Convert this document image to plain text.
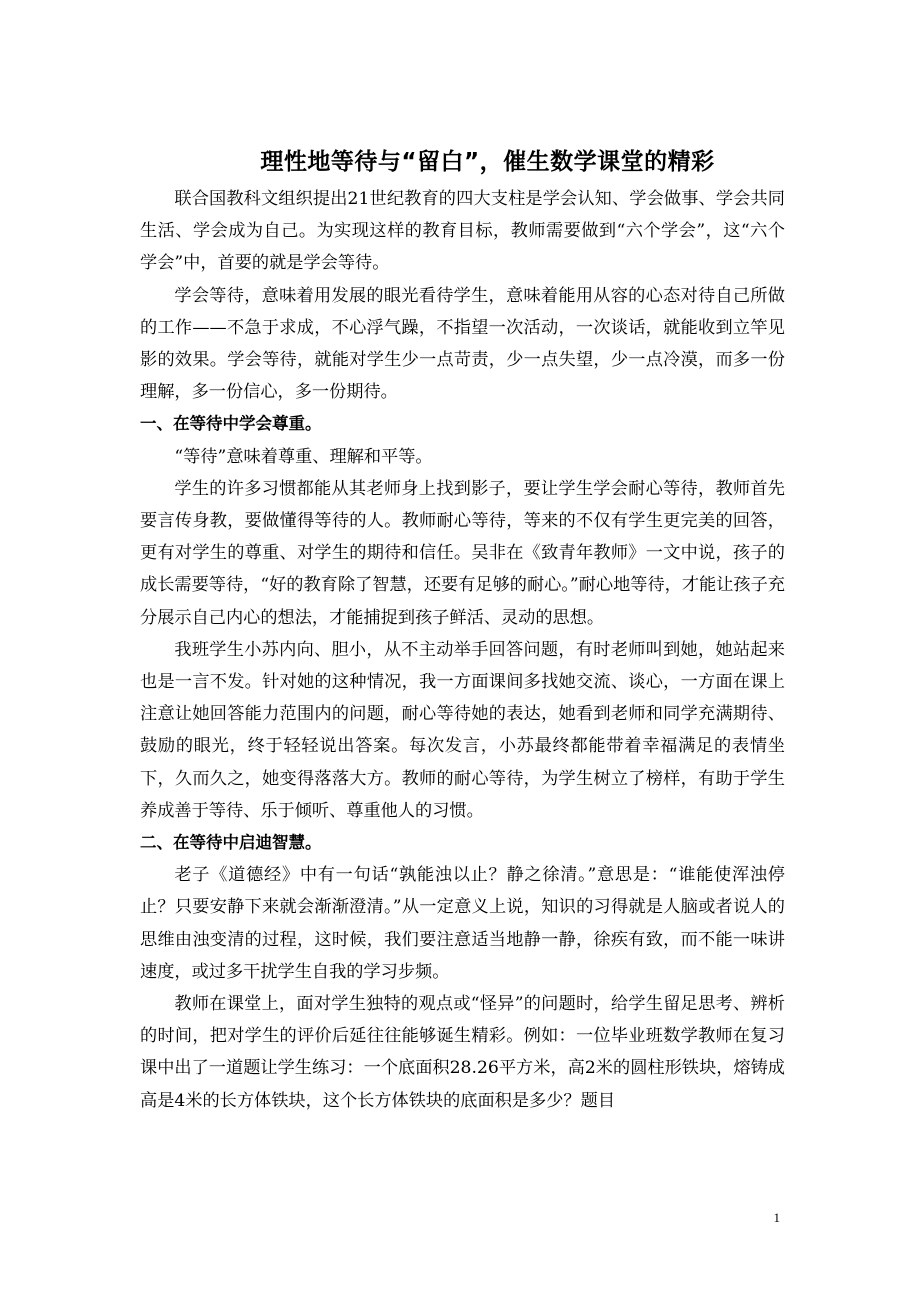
理性地等待与“留白”，催生数学课堂的精彩

联合国教科文组织提出21世纪教育的四大支柱是学会认知、学会做事、学会共同生活、学会成为自己。为实现这样的教育目标，教师需要做到“六个学会”，这“六个学会”中，首要的就是学会等待。

学会等待，意味着用发展的眼光看待学生，意味着能用从容的心态对待自己所做的工作——不急于求成，不心浮气躁，不指望一次活动，一次谈话，就能收到立竿见影的效果。学会等待，就能对学生少一点苛责，少一点失望，少一点冷漠，而多一份理解，多一份信心，多一份期待。

一、在等待中学会尊重。

“等待”意味着尊重、理解和平等。

学生的许多习惯都能从其老师身上找到影子，要让学生学会耐心等待，教师首先要言传身教，要做懂得等待的人。教师耐心等待，等来的不仅有学生更完美的回答，更有对学生的尊重、对学生的期待和信任。吴非在《致青年教师》一文中说，孩子的成长需要等待，“好的教育除了智慧，还要有足够的耐心。”耐心地等待，才能让孩子充分展示自己内心的想法，才能捕捉到孩子鲜活、灵动的思想。

我班学生小苏内向、胆小，从不主动举手回答问题，有时老师叫到她，她站起来也是一言不发。针对她的这种情况，我一方面课间多找她交流、谈心，一方面在课上注意让她回答能力范围内的问题，耐心等待她的表达，她看到老师和同学充满期待、鼓励的眼光，终于轻轻说出答案。每次发言，小苏最终都能带着幸福满足的表情坐下，久而久之，她变得落落大方。教师的耐心等待，为学生树立了榜样，有助于学生养成善于等待、乐于倾听、尊重他人的习惯。

二、在等待中启迪智慧。

老子《道德经》中有一句话“孰能浊以止？静之徐清。”意思是：“谁能使浑浊停止？只要安静下来就会渐渐澄清。”从一定意义上说，知识的习得就是人脑或者说人的思维由浊变清的过程，这时候，我们要注意适当地静一静，徐疾有致，而不能一味讲速度，或过多干扰学生自我的学习步频。

教师在课堂上，面对学生独特的观点或“怪异”的问题时，给学生留足思考、辨析的时间，把对学生的评价后延往往能够诞生精彩。例如：一位毕业班数学教师在复习课中出了一道题让学生练习：一个底面积28.26平方米，高2米的圆柱形铁块，熔铸成高是4米的长方体铁块，这个长方体铁块的底面积是多少？题目

1
